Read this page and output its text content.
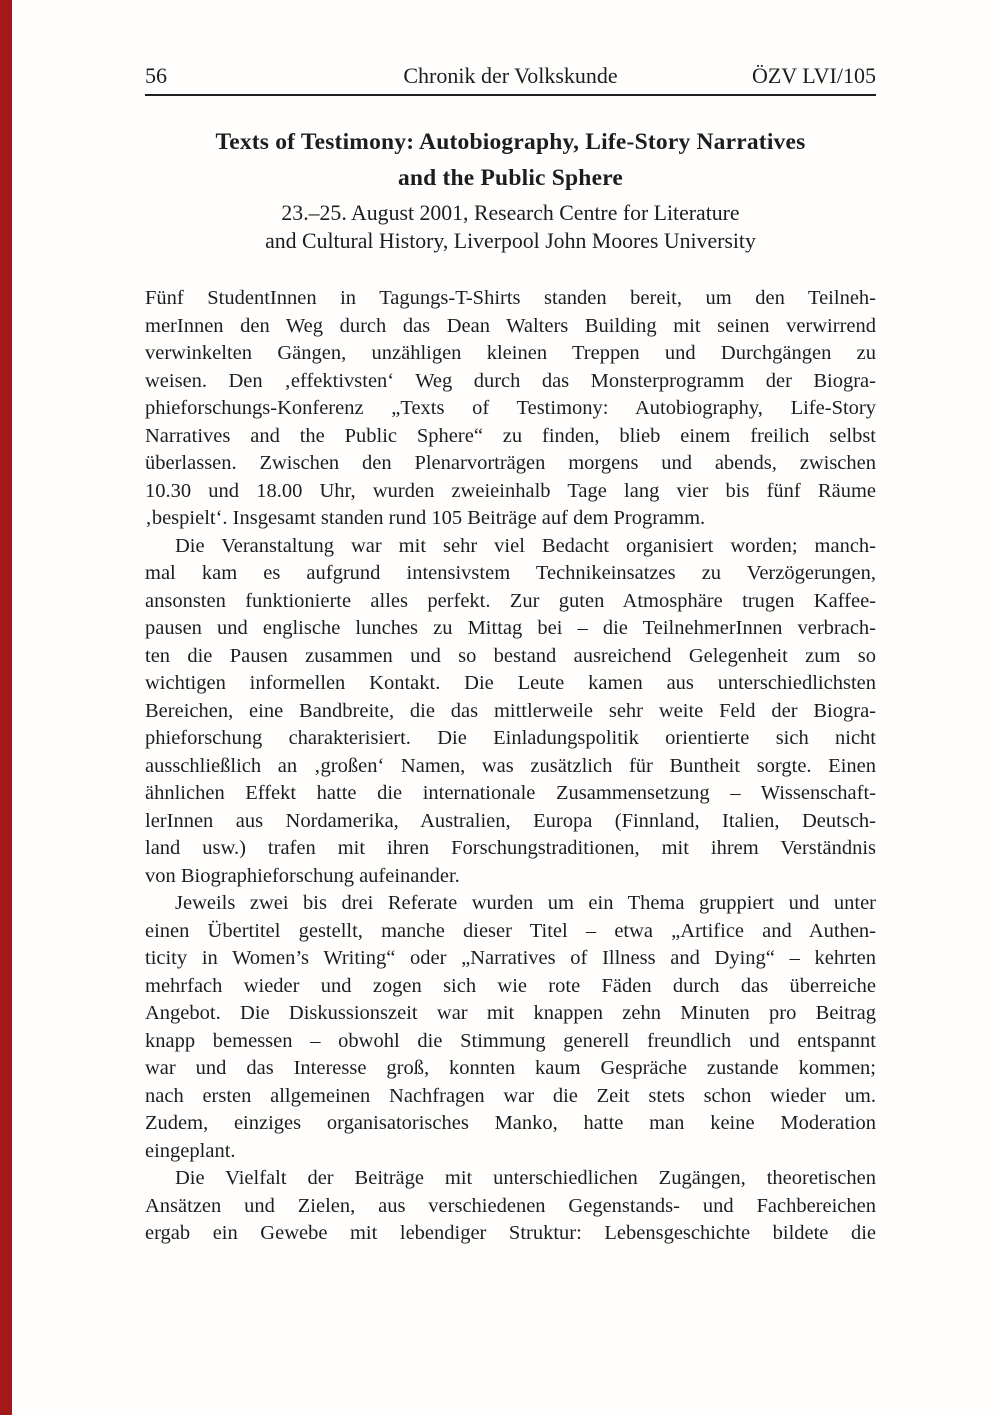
56	Chronik der Volkskunde	ÖZV LVI/105
Texts of Testimony: Autobiography, Life-Story Narratives
and the Public Sphere
23.–25. August 2001, Research Centre for Literature
and Cultural History, Liverpool John Moores University
Fünf StudentInnen in Tagungs-T-Shirts standen bereit, um den Teilneh-
merInnen den Weg durch das Dean Walters Building mit seinen verwirrend
verwinkelten Gängen, unzähligen kleinen Treppen und Durchgängen zu
weisen. Den ‚effektivsten‘ Weg durch das Monsterprogramm der Biogra-
phieforschungs-Konferenz „Texts of Testimony: Autobiography, Life-Story
Narratives and the Public Sphere“ zu finden, blieb einem freilich selbst
überlassen. Zwischen den Plenarvorträgen morgens und abends, zwischen
10.30 und 18.00 Uhr, wurden zweieinhalb Tage lang vier bis fünf Räume
‚bespielt‘. Insgesamt standen rund 105 Beiträge auf dem Programm.
Die Veranstaltung war mit sehr viel Bedacht organisiert worden; manch-
mal kam es aufgrund intensivstem Technikeinsatzes zu Verzögerungen,
ansonsten funktionierte alles perfekt. Zur guten Atmosphäre trugen Kaffee-
pausen und englische lunches zu Mittag bei – die TeilnehmerInnen verbrach-
ten die Pausen zusammen und so bestand ausreichend Gelegenheit zum so
wichtigen informellen Kontakt. Die Leute kamen aus unterschiedlichsten
Bereichen, eine Bandbreite, die das mittlerweile sehr weite Feld der Biogra-
phieforschung charakterisiert. Die Einladungspolitik orientierte sich nicht
ausschließlich an ‚großen‘ Namen, was zusätzlich für Buntheit sorgte. Einen
ähnlichen Effekt hatte die internationale Zusammensetzung – Wissenschaft-
lerInnen aus Nordamerika, Australien, Europa (Finnland, Italien, Deutsch-
land usw.) trafen mit ihren Forschungstraditionen, mit ihrem Verständnis
von Biographieforschung aufeinander.
Jeweils zwei bis drei Referate wurden um ein Thema gruppiert und unter
einen Übertitel gestellt, manche dieser Titel – etwa „Artifice and Authen-
ticity in Women’s Writing“ oder „Narratives of Illness and Dying“ – kehrten
mehrfach wieder und zogen sich wie rote Fäden durch das überreiche
Angebot. Die Diskussionszeit war mit knappen zehn Minuten pro Beitrag
knapp bemessen – obwohl die Stimmung generell freundlich und entspannt
war und das Interesse groß, konnten kaum Gespräche zustande kommen;
nach ersten allgemeinen Nachfragen war die Zeit stets schon wieder um.
Zudem, einziges organisatorisches Manko, hatte man keine Moderation
eingeplant.
Die Vielfalt der Beiträge mit unterschiedlichen Zugängen, theoretischen
Ansätzen und Zielen, aus verschiedenen Gegenstands- und Fachbereichen
ergab ein Gewebe mit lebendiger Struktur: Lebensgeschichte bildete die
